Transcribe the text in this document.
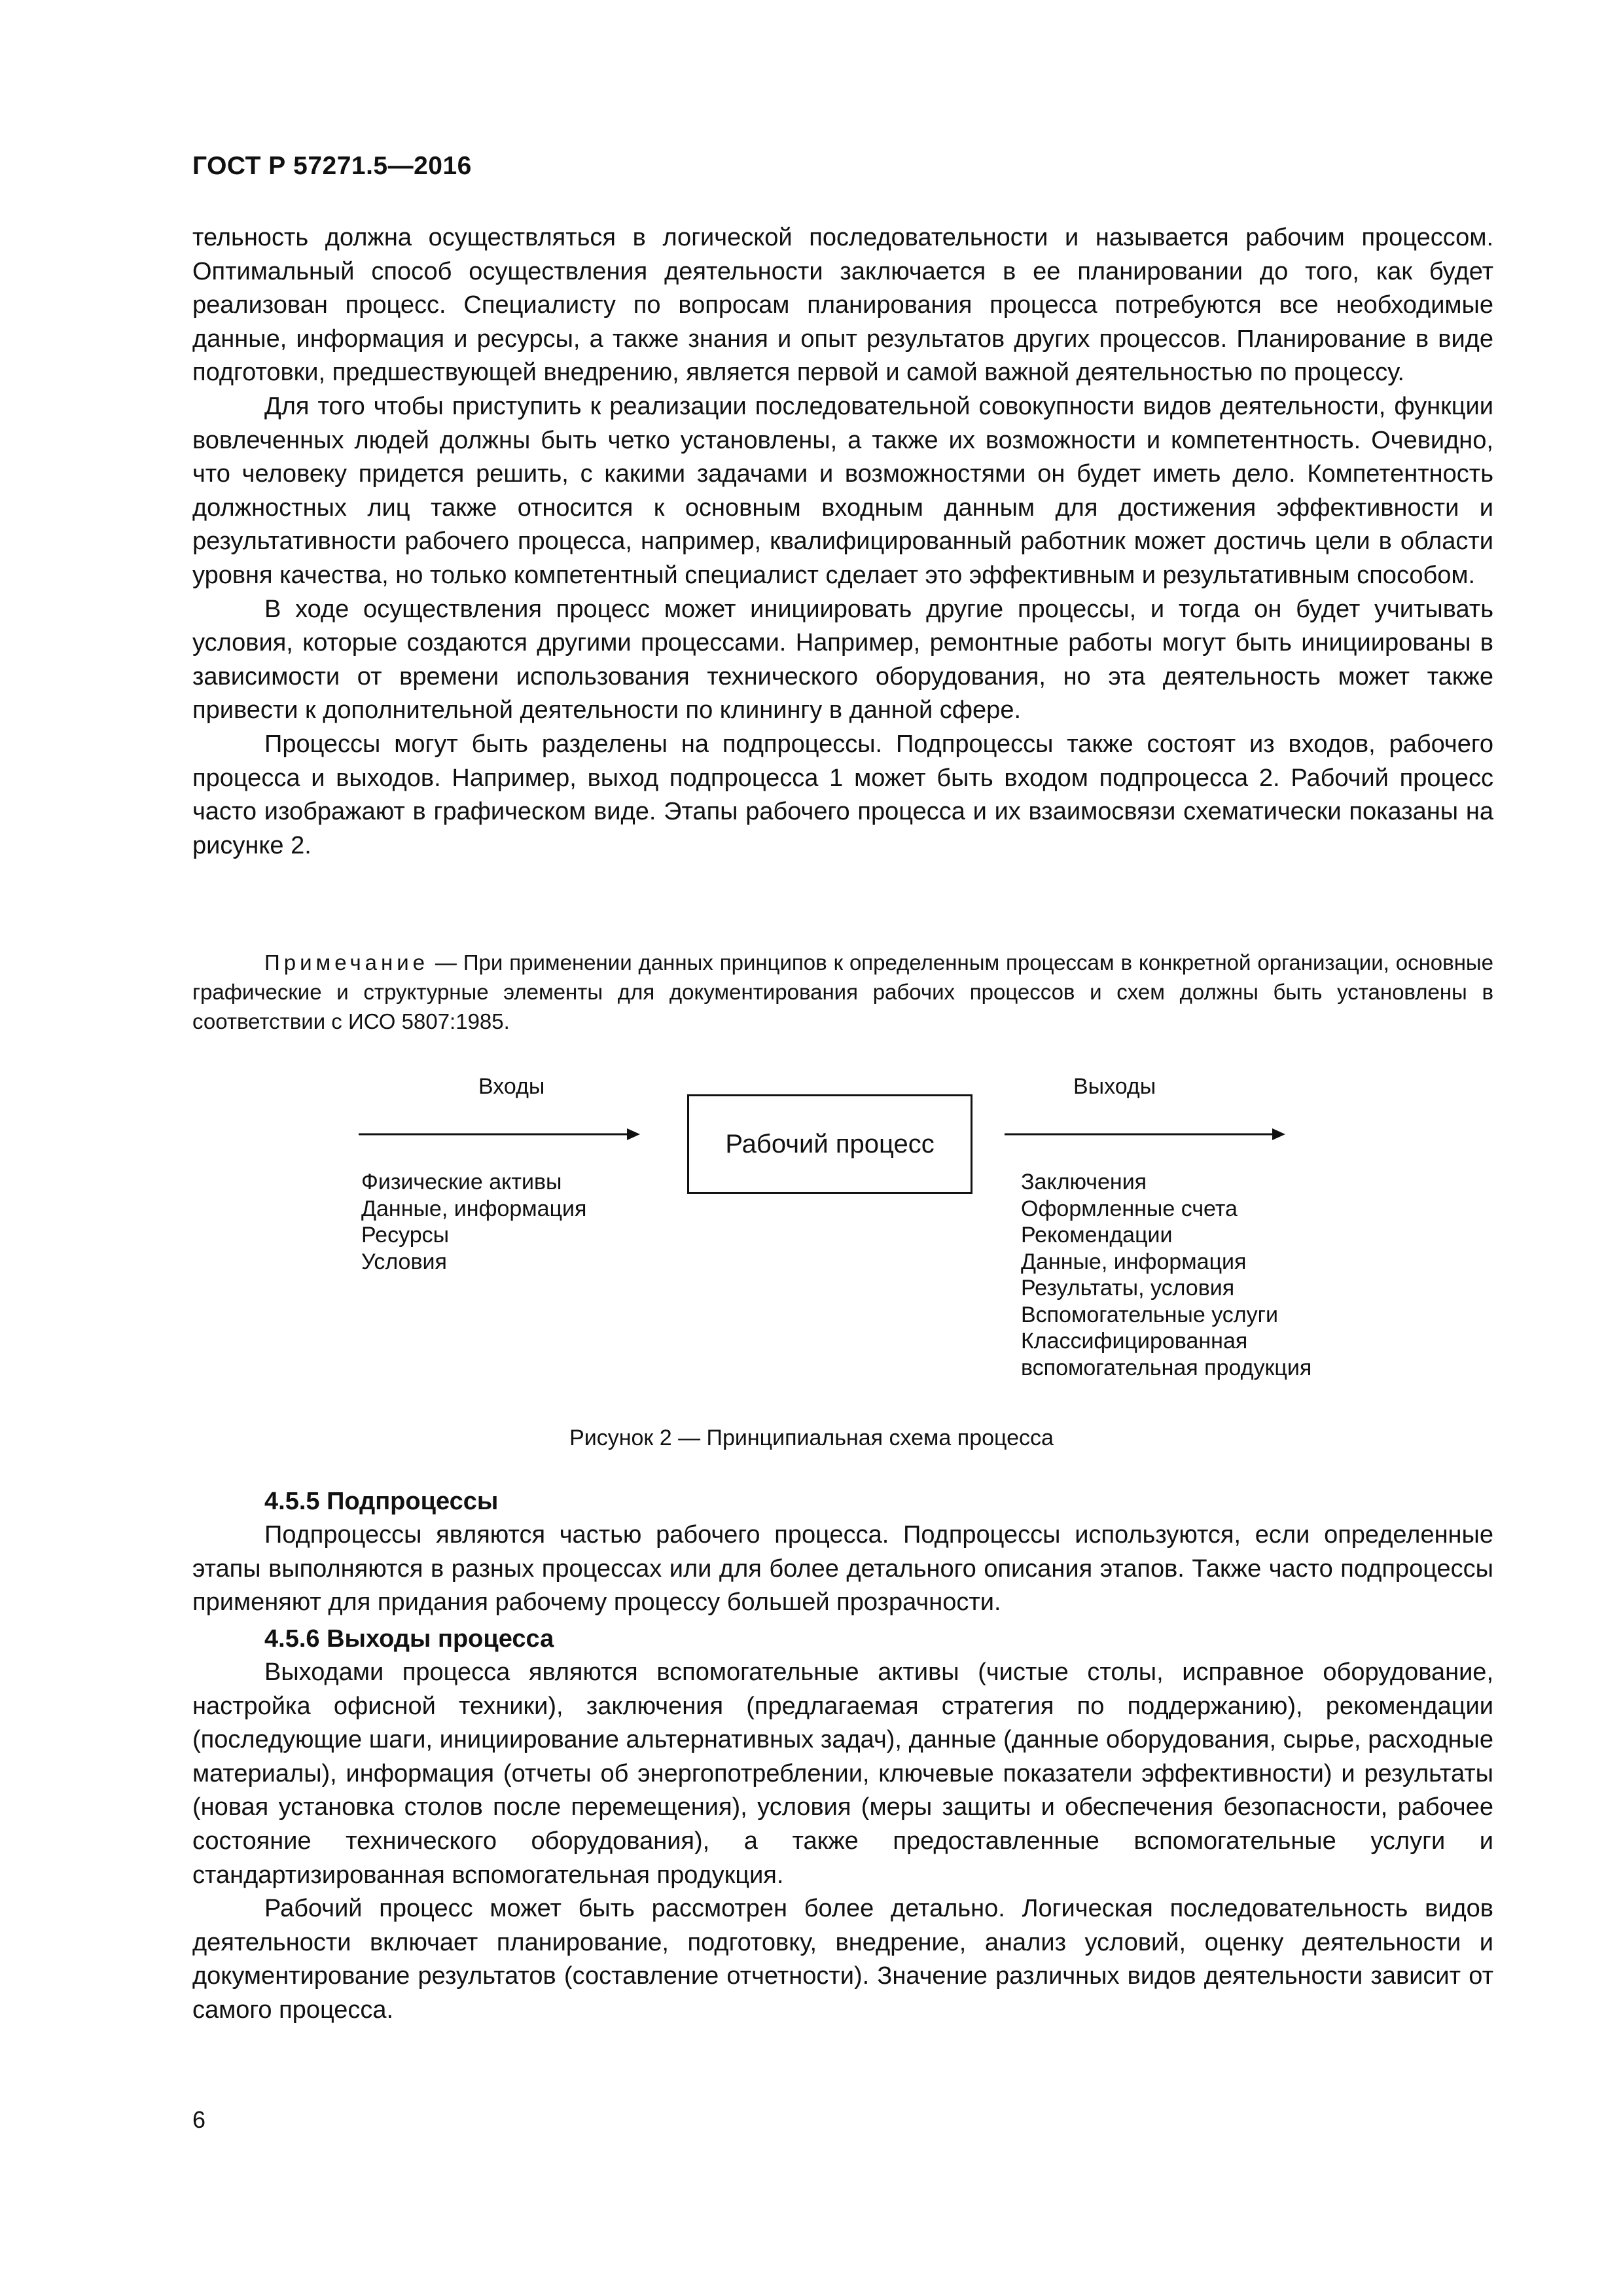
ГОСТ Р 57271.5—2016

тельность должна осуществляться в логической последовательности и называется рабочим процессом. Оптимальный способ осуществления деятельности заключается в ее планировании до того, как будет реализован процесс. Специалисту по вопросам планирования процесса потребуются все необходимые данные, информация и ресурсы, а также знания и опыт результатов других процессов. Планирование в виде подготовки, предшествующей внедрению, является первой и самой важной деятельностью по процессу.

Для того чтобы приступить к реализации последовательной совокупности видов деятельности, функции вовлеченных людей должны быть четко установлены, а также их возможности и компетентность. Очевидно, что человеку придется решить, с какими задачами и возможностями он будет иметь дело. Компетентность должностных лиц также относится к основным входным данным для достижения эффективности и результативности рабочего процесса, например, квалифицированный работник может достичь цели в области уровня качества, но только компетентный специалист сделает это эффективным и результативным способом.

В ходе осуществления процесс может инициировать другие процессы, и тогда он будет учитывать условия, которые создаются другими процессами. Например, ремонтные работы могут быть инициированы в зависимости от времени использования технического оборудования, но эта деятельность может также привести к дополнительной деятельности по клинингу в данной сфере.

Процессы могут быть разделены на подпроцессы. Подпроцессы также состоят из входов, рабочего процесса и выходов. Например, выход подпроцесса 1 может быть входом подпроцесса 2. Рабочий процесс часто изображают в графическом виде. Этапы рабочего процесса и их взаимосвязи схематически показаны на рисунке 2.

Примечание — При применении данных принципов к определенным процессам в конкретной организации, основные графические и структурные элементы для документирования рабочих процессов и схем должны быть установлены в соответствии с ИСО 5807:1985.

Входы	Выходы
Рабочий процесс
Физические активы
Данные, информация
Ресурсы
Условия
Заключения
Оформленные счета
Рекомендации
Данные, информация
Результаты, условия
Вспомогательные услуги
Классифицированная
вспомогательная продукция
Рисунок 2 — Принципиальная схема процесса

4.5.5 Подпроцессы

Подпроцессы являются частью рабочего процесса. Подпроцессы используются, если определенные этапы выполняются в разных процессах или для более детального описания этапов. Также часто подпроцессы применяют для придания рабочему процессу большей прозрачности.

4.5.6 Выходы процесса

Выходами процесса являются вспомогательные активы (чистые столы, исправное оборудование, настройка офисной техники), заключения (предлагаемая стратегия по поддержанию), рекомендации (последующие шаги, инициирование альтернативных задач), данные (данные оборудования, сырье, расходные материалы), информация (отчеты об энергопотреблении, ключевые показатели эффективности) и результаты (новая установка столов после перемещения), условия (меры защиты и обеспечения безопасности, рабочее состояние технического оборудования), а также предоставленные вспомогательные услуги и стандартизированная вспомогательная продукция.

Рабочий процесс может быть рассмотрен более детально. Логическая последовательность видов деятельности включает планирование, подготовку, внедрение, анализ условий, оценку деятельности и документирование результатов (составление отчетности). Значение различных видов деятельности зависит от самого процесса.

6
